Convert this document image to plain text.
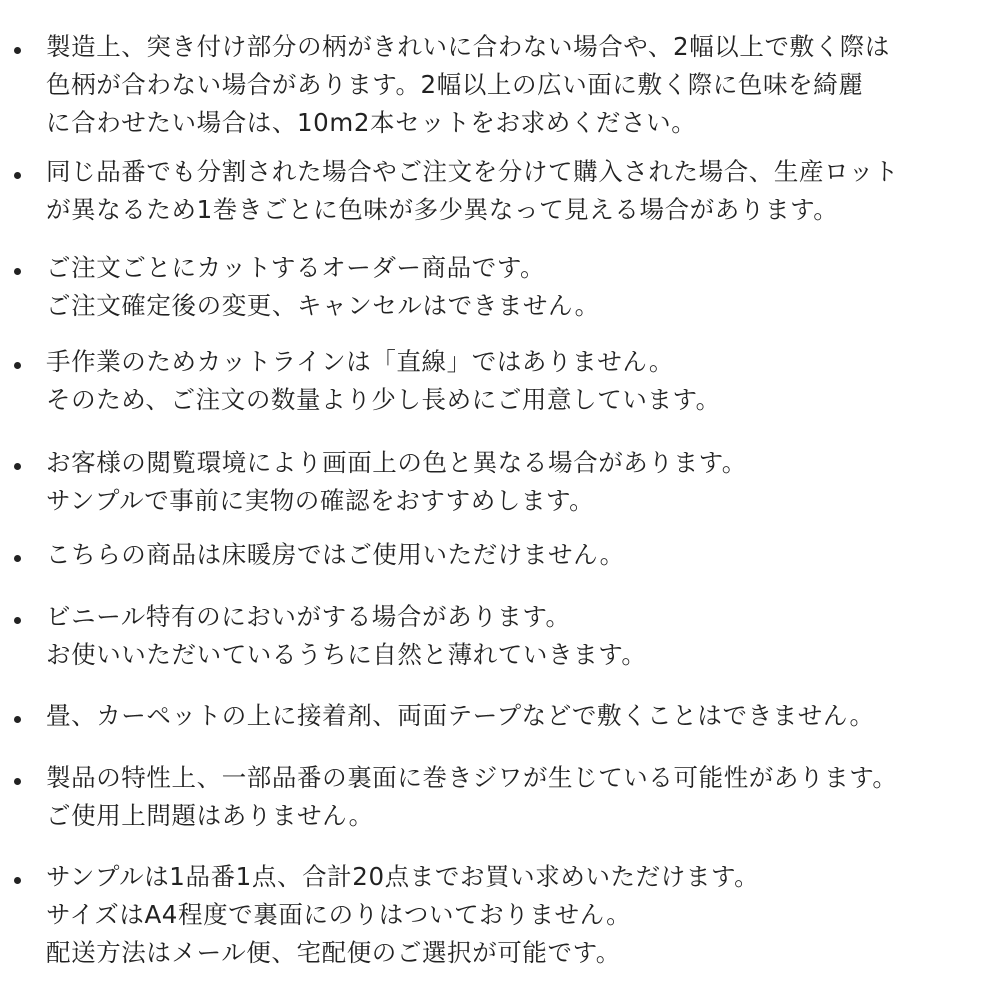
製造上、突き付け部分の柄がきれいに合わない場合や、2幅以上で敷く際は
色柄が合わない場合があります。2幅以上の広い面に敷く際に色味を綺麗
に合わせたい場合は、10m2本セットをお求めください。
同じ品番でも分割された場合やご注文を分けて購入された場合、生産ロット
が異なるため1巻きごとに色味が多少異なって見える場合があります。
ご注文ごとにカットするオーダー商品です。
ご注文確定後の変更、キャンセルはできません。
手作業のためカットラインは「直線」ではありません。
そのため、ご注文の数量より少し長めにご用意しています。
お客様の閲覧環境により画面上の色と異なる場合があります。
サンプルで事前に実物の確認をおすすめします。
こちらの商品は床暖房ではご使用いただけません。
ビニール特有のにおいがする場合があります。
お使いいただいているうちに自然と薄れていきます。
畳、カーペットの上に接着剤、両面テープなどで敷くことはできません。
製品の特性上、一部品番の裏面に巻きジワが生じている可能性があります。
ご使用上問題はありません。
サンプルは1品番1点、合計20点までお買い求めいただけます。
サイズはA4程度で裏面にのりはついておりません。
配送方法はメール便、宅配便のご選択が可能です。
